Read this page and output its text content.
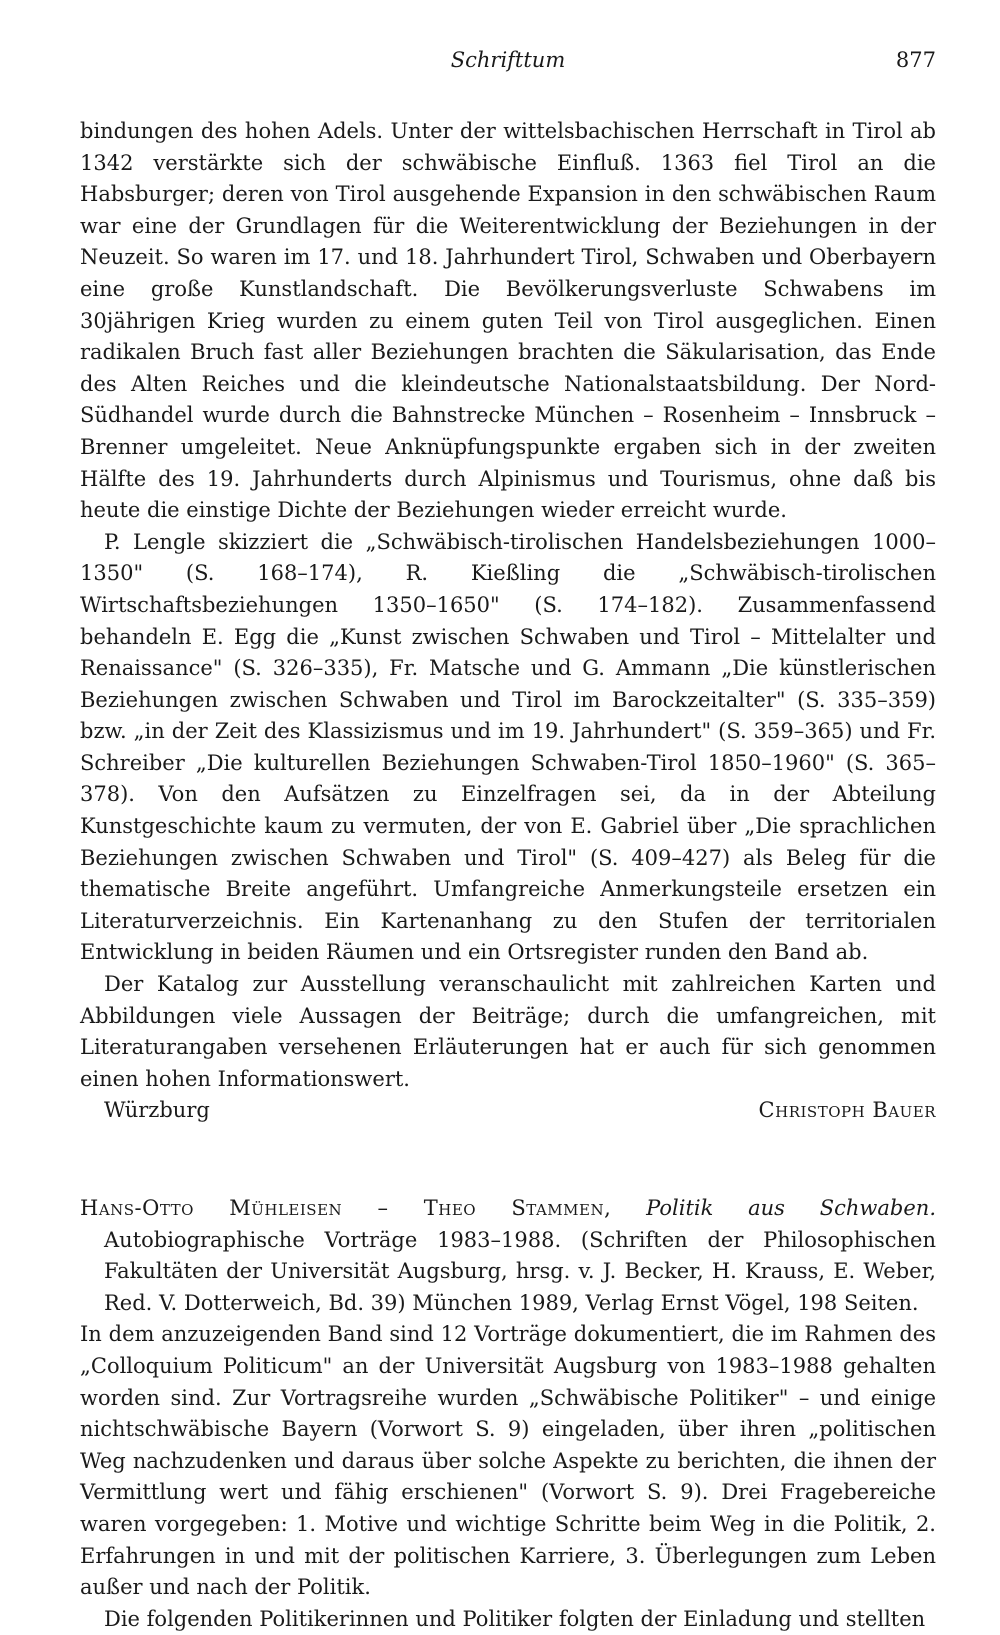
Schrifttum	877

bindungen des hohen Adels. Unter der wittelsbachischen Herrschaft in Tirol ab 1342 verstärkte sich der schwäbische Einfluß. 1363 fiel Tirol an die Habsburger; deren von Tirol ausgehende Expansion in den schwäbischen Raum war eine der Grundlagen für die Weiterentwicklung der Beziehungen in der Neuzeit. So waren im 17. und 18. Jahrhundert Tirol, Schwaben und Oberbayern eine große Kunstlandschaft. Die Bevölkerungsverluste Schwabens im 30jährigen Krieg wurden zu einem guten Teil von Tirol ausgeglichen. Einen radikalen Bruch fast aller Beziehungen brachten die Säkularisation, das Ende des Alten Reiches und die kleindeutsche Nationalstaatsbildung. Der Nord-Südhandel wurde durch die Bahnstrecke München – Rosenheim – Innsbruck – Brenner umgeleitet. Neue Anknüpfungspunkte ergaben sich in der zweiten Hälfte des 19. Jahrhunderts durch Alpinismus und Tourismus, ohne daß bis heute die einstige Dichte der Beziehungen wieder erreicht wurde.

P. Lengle skizziert die „Schwäbisch-tirolischen Handelsbeziehungen 1000–1350" (S. 168–174), R. Kießling die „Schwäbisch-tirolischen Wirtschaftsbeziehungen 1350–1650" (S. 174–182). Zusammenfassend behandeln E. Egg die „Kunst zwischen Schwaben und Tirol – Mittelalter und Renaissance" (S. 326–335), Fr. Matsche und G. Ammann „Die künstlerischen Beziehungen zwischen Schwaben und Tirol im Barockzeitalter" (S. 335–359) bzw. „in der Zeit des Klassizismus und im 19. Jahrhundert" (S. 359–365) und Fr. Schreiber „Die kulturellen Beziehungen Schwaben-Tirol 1850–1960" (S. 365–378). Von den Aufsätzen zu Einzelfragen sei, da in der Abteilung Kunstgeschichte kaum zu vermuten, der von E. Gabriel über „Die sprachlichen Beziehungen zwischen Schwaben und Tirol" (S. 409–427) als Beleg für die thematische Breite angeführt. Umfangreiche Anmerkungsteile ersetzen ein Literaturverzeichnis. Ein Kartenanhang zu den Stufen der territorialen Entwicklung in beiden Räumen und ein Ortsregister runden den Band ab.

Der Katalog zur Ausstellung veranschaulicht mit zahlreichen Karten und Abbildungen viele Aussagen der Beiträge; durch die umfangreichen, mit Literaturangaben versehenen Erläuterungen hat er auch für sich genommen einen hohen Informationswert.

Würzburg	Christoph Bauer

Hans-Otto Mühleisen – Theo Stammen, Politik aus Schwaben. Autobiographische Vorträge 1983–1988. (Schriften der Philosophischen Fakultäten der Universität Augsburg, hrsg. v. J. Becker, H. Krauss, E. Weber, Red. V. Dotterweich, Bd. 39) München 1989, Verlag Ernst Vögel, 198 Seiten.

In dem anzuzeigenden Band sind 12 Vorträge dokumentiert, die im Rahmen des „Colloquium Politicum" an der Universität Augsburg von 1983–1988 gehalten worden sind. Zur Vortragsreihe wurden „Schwäbische Politiker" – und einige nichtschwäbische Bayern (Vorwort S. 9) eingeladen, über ihren „politischen Weg nachzudenken und daraus über solche Aspekte zu berichten, die ihnen der Vermittlung wert und fähig erschienen" (Vorwort S. 9). Drei Fragebereiche waren vorgegeben: 1. Motive und wichtige Schritte beim Weg in die Politik, 2. Erfahrungen in und mit der politischen Karriere, 3. Überlegungen zum Leben außer und nach der Politik.

Die folgenden Politikerinnen und Politiker folgten der Einladung und stellten
